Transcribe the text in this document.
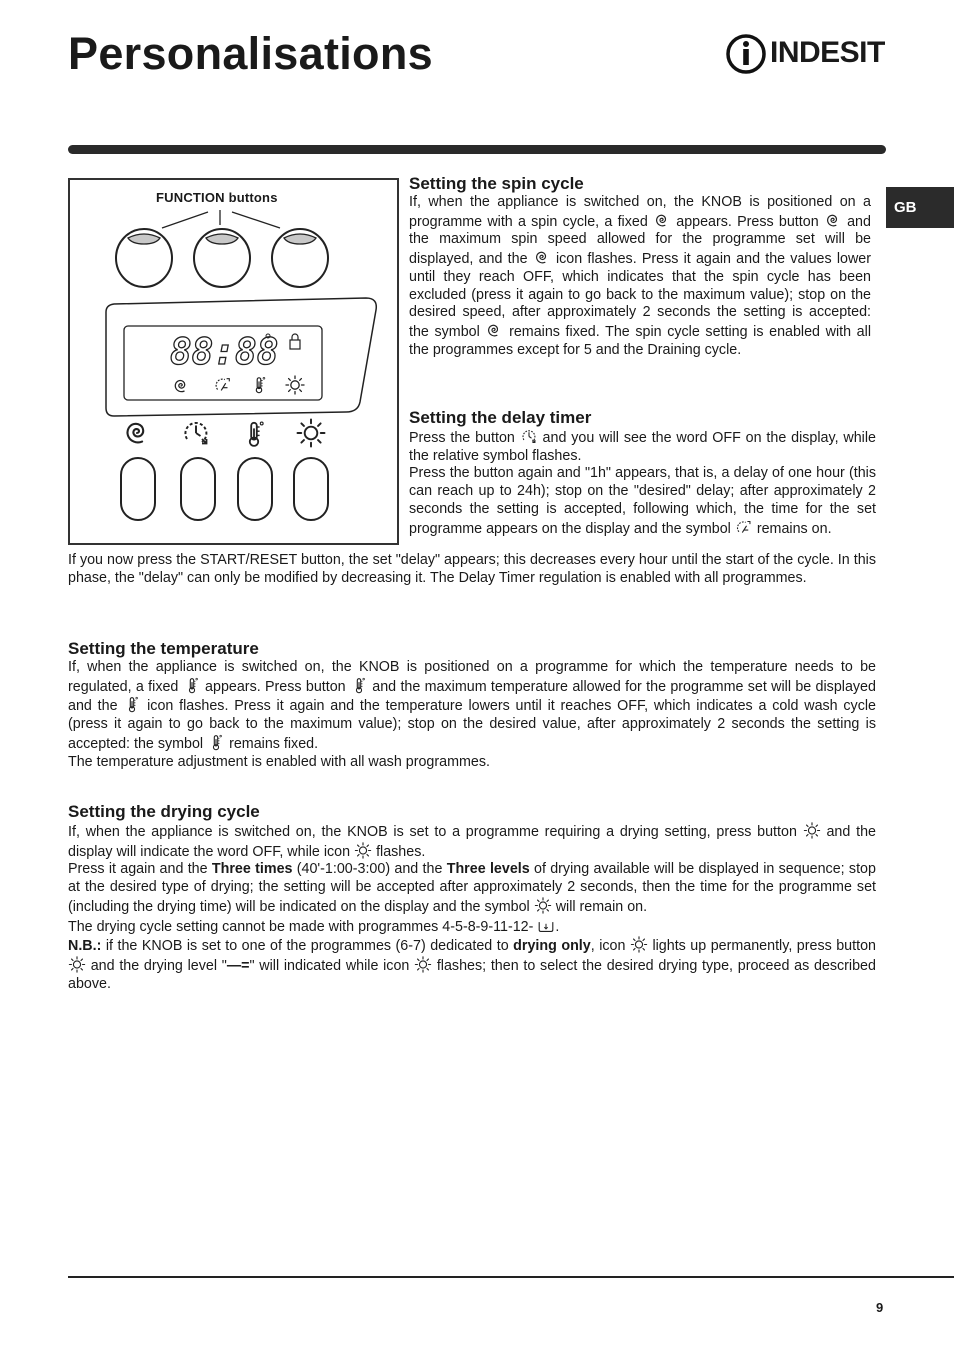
Personalisations	INDESIT
GB
FUNCTION buttons
88:88
Setting the spin cycle

If, when the appliance is switched on, the KNOB is positioned on a programme with a spin cycle, a fixed appears. Press button and the maximum spin speed allowed for the programme set will be displayed, and the icon flashes. Press it again and the values lower until they reach OFF, which indicates that the spin cycle has been excluded (press it again to go back to the maximum value); stop on the desired speed, after approximately 2 seconds the setting is accepted: the symbol remains fixed. The spin cycle setting is enabled with all the programmes except for 5 and the Draining cycle.

Setting the delay timer

Press the button and you will see the word OFF on the display, while the relative symbol flashes.

Press the button again and "1h" appears, that is, a delay of one hour (this can reach up to 24h); stop on the "desired" delay; after approximately 2 seconds the setting is accepted, following which, the time for the set programme appears on the display and the symbol remains on.

If you now press the START/RESET button, the set "delay" appears; this decreases every hour until the start of the cycle. In this phase, the "delay" can only be modified by decreasing it. The Delay Timer regulation is enabled with all programmes.

Setting the temperature

If, when the appliance is switched on, the KNOB is positioned on a programme for which the temperature needs to be regulated, a fixed appears. Press button and the maximum temperature allowed for the programme set will be displayed and the icon flashes. Press it again and the temperature lowers until it reaches OFF, which indicates a cold wash cycle (press it again to go back to the maximum value); stop on the desired value, after approximately 2 seconds the setting is accepted: the symbol remains fixed.

The temperature adjustment is enabled with all wash programmes.

Setting the drying cycle

If, when the appliance is switched on, the KNOB is set to a programme requiring a drying setting, press button and the display will indicate the word OFF, while icon flashes.

Press it again and the Three times (40'-1:00-3:00) and the Three levels of drying available will be displayed in sequence; stop at the desired type of drying; the setting will be accepted after approximately 2 seconds, then the time for the programme set (including the drying time) will be indicated on the display and the symbol will remain on.

The drying cycle setting cannot be made with programmes 4-5-8-9-11-12- .

N.B.: if the KNOB is set to one of the programmes (6-7) dedicated to drying only, icon lights up permanently, press button  and the drying level "—=" will indicated while icon flashes; then to select the desired drying type, proceed as described above.

9
